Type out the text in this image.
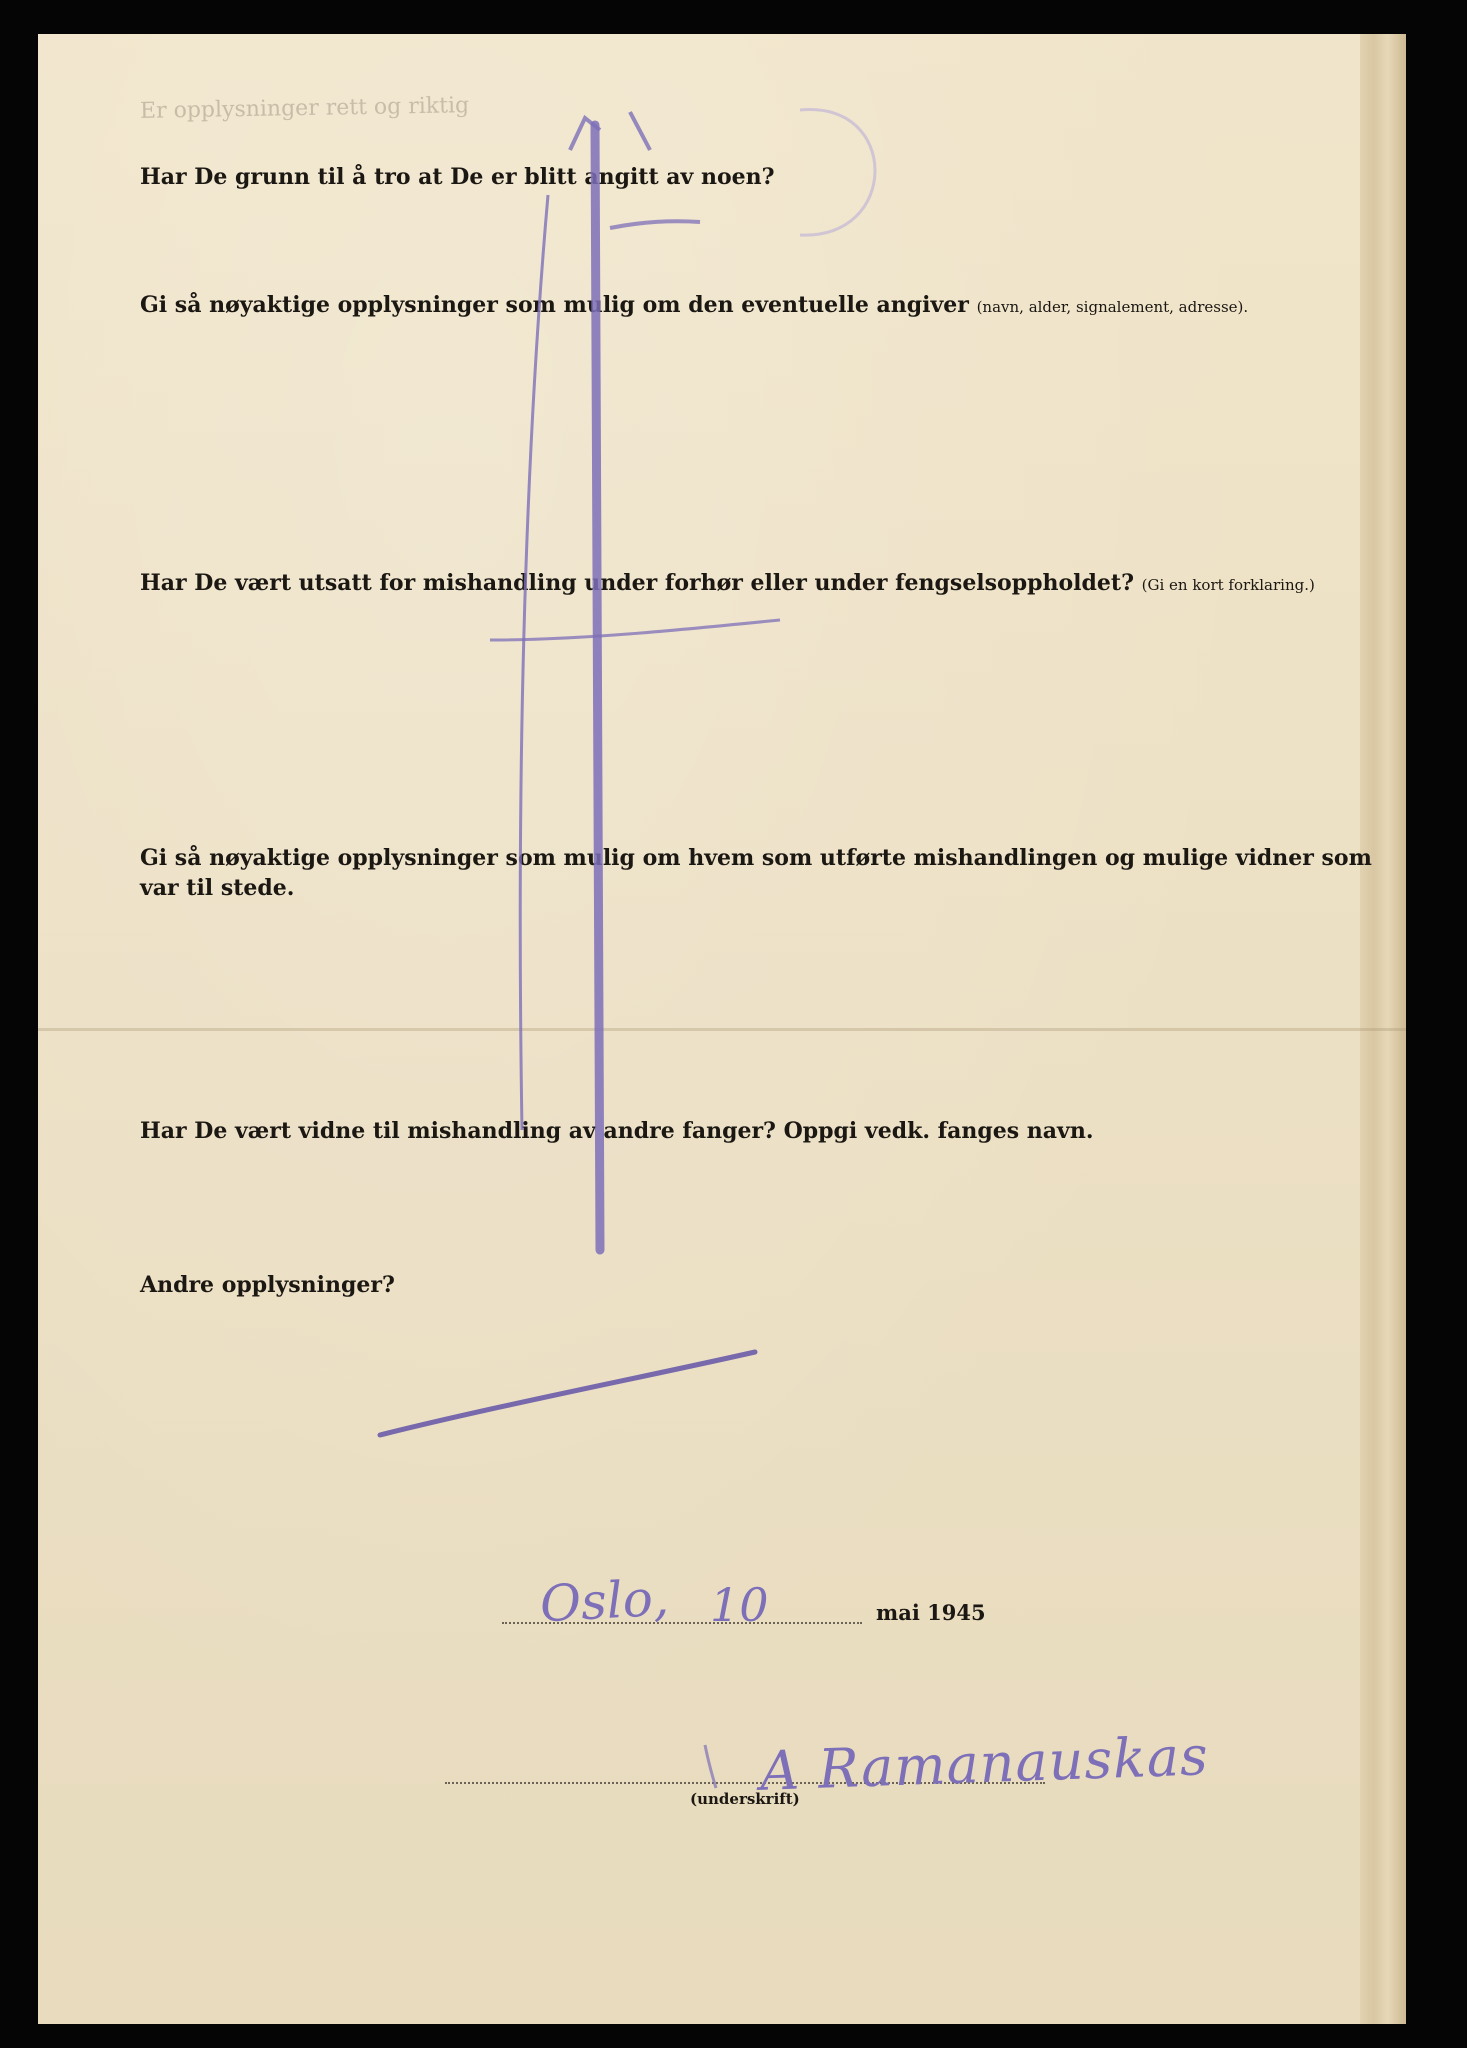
Er opplysninger rett og riktig
Har De grunn til å tro at De er blitt angitt av noen?
Gi så nøyaktige opplysninger som mulig om den eventuelle angiver (navn, alder, signalement, adresse).
Har De vært utsatt for mishandling under forhør eller under fengselsoppholdet? (Gi en kort forklaring.)
Gi så nøyaktige opplysninger som mulig om hvem som utførte mishandlingen og mulige vidner som var til stede.
Har De vært vidne til mishandling av andre fanger? Oppgi vedk. fanges navn.
Andre opplysninger?
Oslo, 10	mai 1945
A Ramanauskas
(underskrift)
